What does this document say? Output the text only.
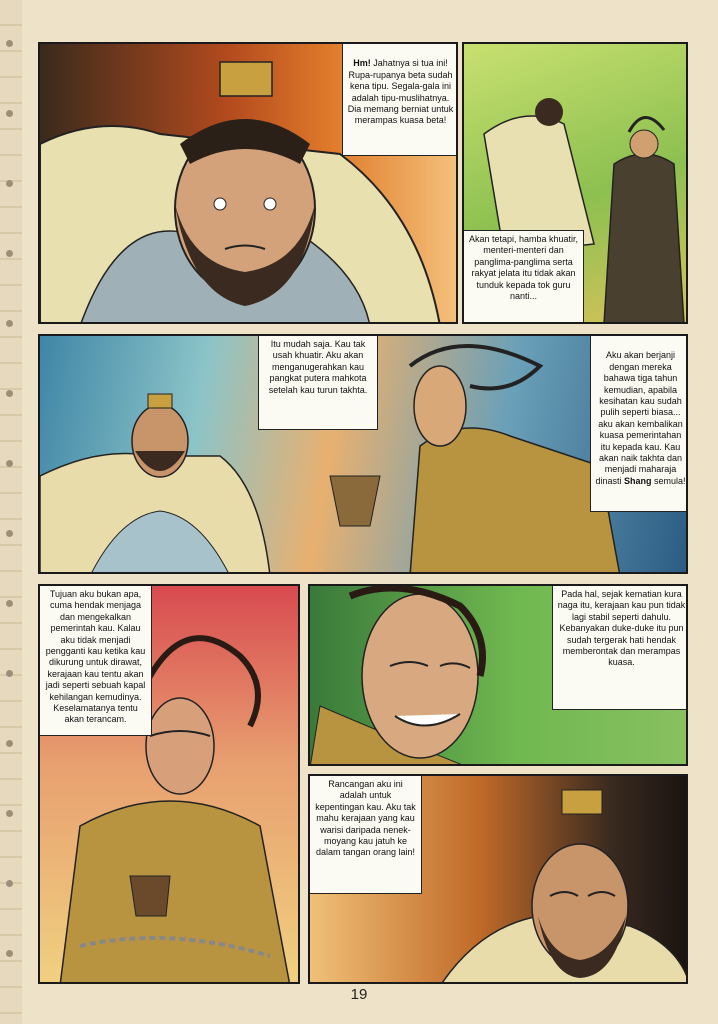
Hm! Jahatnya si tua ini! Rupa-rupanya beta sudah kena tipu. Segala-gala ini adalah tipu-muslihatnya. Dia memang berniat untuk merampas kuasa beta!

Akan tetapi, hamba khuatir, menteri-menteri dan panglima-panglima serta rakyat jelata itu tidak akan tunduk kepada tok guru nanti...
Itu mudah saja. Kau tak usah khuatir. Aku akan menganugerahkan kau pangkat putera mahkota setelah kau turun takhta.

Aku akan berjanji dengan mereka bahawa tiga tahun kemudian, apabila kesihatan kau sudah pulih seperti biasa... aku akan kembalikan kuasa pemerintahan itu kepada kau. Kau akan naik takhta dan menjadi maharaja dinasti Shang semula!

Tujuan aku bukan apa, cuma hendak menjaga dan mengekalkan pemerintah kau. Kalau aku tidak menjadi pengganti kau ketika kau dikurung untuk dirawat, kerajaan kau tentu akan jadi seperti sebuah kapal kehilangan kemudinya. Keselamatanya tentu akan terancam.
Pada hal, sejak kematian kura naga itu, kerajaan kau pun tidak lagi stabil seperti dahulu. Kebanyakan duke-duke itu pun sudah tergerak hati hendak memberontak dan merampas kuasa.
Rancangan aku ini adalah untuk kepentingan kau. Aku tak mahu kerajaan yang kau warisi daripada nenek-moyang kau jatuh ke dalam tangan orang lain!
19
